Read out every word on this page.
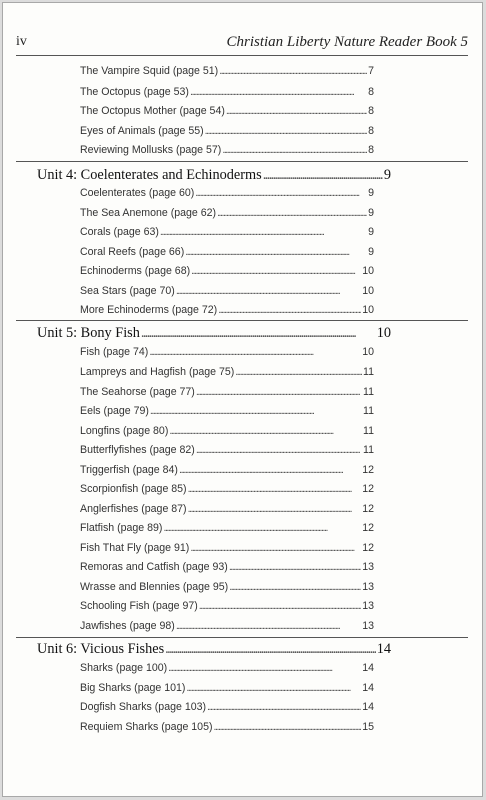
iv	Christian Liberty Nature Reader Book 5
The Vampire Squid (page 51) . . .	7
The Octopus (page 53) . . .	8
The Octopus Mother (page 54) . . .	8
Eyes of Animals (page 55) . . .	8
Reviewing Mollusks (page 57) . . .	8
Unit 4: Coelenterates and Echinoderms . . .	9
Coelenterates (page 60) . . .	9
The Sea Anemone (page 62) . . .	9
Corals (page 63) . . .	9
Coral Reefs (page 66) . . .	9
Echinoderms (page 68) . . .	10
Sea Stars (page 70) . . .	10
More Echinoderms (page 72) . . .	10
Unit 5: Bony Fish . . .	10
Fish (page 74) . . .	10
Lampreys and Hagfish (page 75) . . .	11
The Seahorse (page 77) . . .	11
Eels (page 79) . . .	11
Longfins (page 80) . . .	11
Butterflyfishes (page 82) . . .	11
Triggerfish (page 84) . . .	12
Scorpionfish (page 85) . . .	12
Anglerfishes (page 87) . . .	12
Flatfish (page 89) . . .	12
Fish That Fly (page 91) . . .	12
Remoras and Catfish (page 93) . . .	13
Wrasse and Blennies (page 95) . . .	13
Schooling Fish (page 97) . . .	13
Jawfishes (page 98) . . .	13
Unit 6: Vicious Fishes . . .	14
Sharks (page 100) . . .	14
Big Sharks (page 101) . . .	14
Dogfish Sharks (page 103) . . .	14
Requiem Sharks (page 105) . . .	15
